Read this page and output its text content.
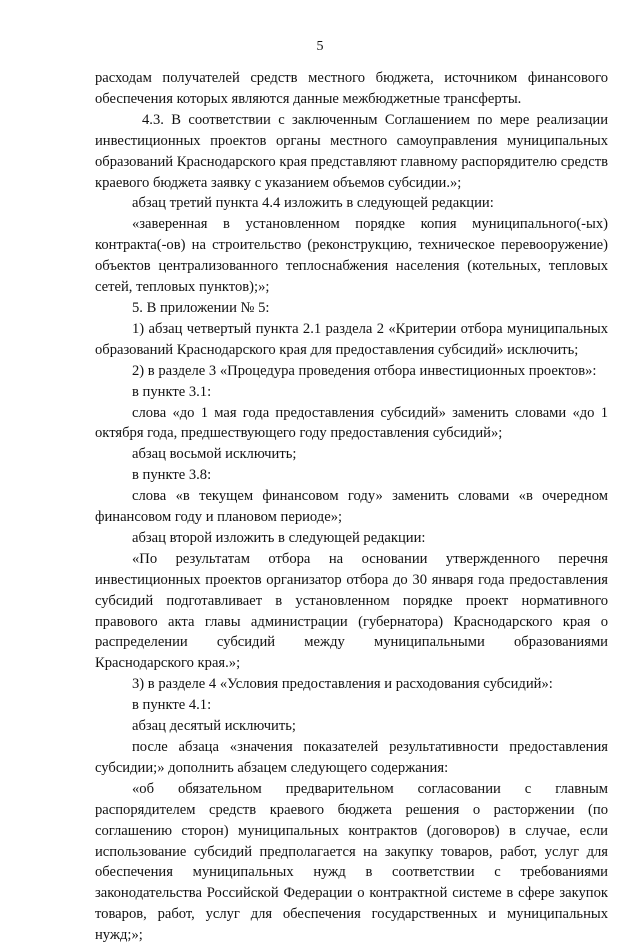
5

расходам получателей средств местного бюджета, источником финансового обеспечения которых являются данные межбюджетные трансферты.

4.3. В соответствии с заключенным Соглашением по мере реализации инвестиционных проектов органы местного самоуправления муниципальных образований Краснодарского края представляют главному распорядителю средств краевого бюджета заявку с указанием объемов субсидии.»;

абзац третий пункта 4.4 изложить в следующей редакции:

«заверенная в установленном порядке копия муниципального(-ых) контракта(-ов) на строительство (реконструкцию, техническое перевооружение) объектов централизованного теплоснабжения населения (котельных, тепловых сетей, тепловых пунктов);»;

5. В приложении № 5:

1) абзац четвертый пункта 2.1 раздела 2 «Критерии отбора муниципальных образований Краснодарского края для предоставления субсидий» исключить;

2) в разделе 3 «Процедура проведения отбора инвестиционных проектов»:

в пункте 3.1:

слова «до 1 мая года предоставления субсидий» заменить словами «до 1 октября года, предшествующего году предоставления субсидий»;

абзац восьмой исключить;

в пункте 3.8:

слова «в текущем финансовом году» заменить словами «в очередном финансовом году и плановом периоде»;

абзац второй изложить в следующей редакции:

«По результатам отбора на основании утвержденного перечня инвестиционных проектов организатор отбора до 30 января года предоставления субсидий подготавливает в установленном порядке проект нормативного правового акта главы администрации (губернатора) Краснодарского края о распределении субсидий между муниципальными образованиями Краснодарского края.»;

3) в разделе 4 «Условия предоставления и расходования субсидий»:

в пункте 4.1:

абзац десятый исключить;

после абзаца «значения показателей результативности предоставления субсидии;» дополнить абзацем следующего содержания:

«об обязательном предварительном согласовании с главным распорядителем средств краевого бюджета решения о расторжении (по соглашению сторон) муниципальных контрактов (договоров) в случае, если использование субсидий предполагается на закупку товаров, работ, услуг для обеспечения муниципальных нужд в соответствии с требованиями законодательства Российской Федерации о контрактной системе в сфере закупок товаров, работ, услуг для обеспечения государственных и муниципальных нужд;»;
